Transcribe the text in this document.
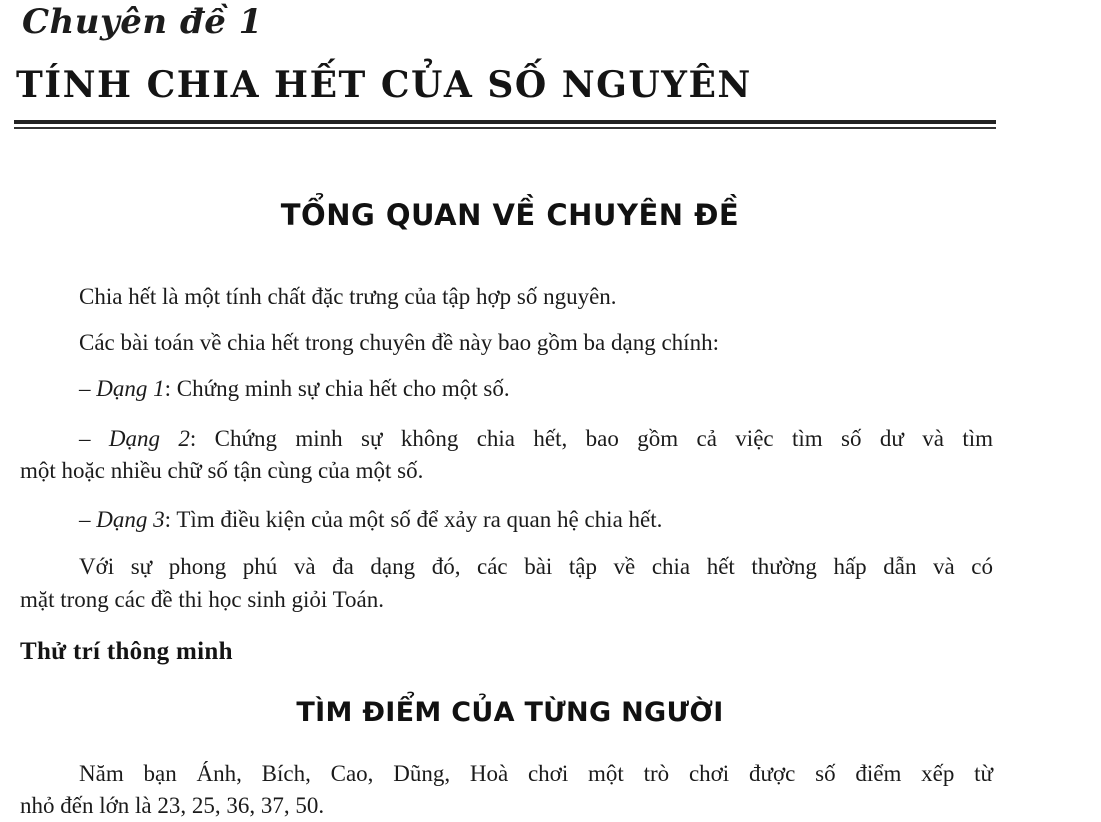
Chuyên đề 1
TÍNH CHIA HẾT CỦA SỐ NGUYÊN
TỔNG QUAN VỀ CHUYÊN ĐỀ
Chia hết là một tính chất đặc trưng của tập hợp số nguyên.
Các bài toán về chia hết trong chuyên đề này bao gồm ba dạng chính:
– Dạng 1: Chứng minh sự chia hết cho một số.
– Dạng 2: Chứng minh sự không chia hết, bao gồm cả việc tìm số dư và tìm
một hoặc nhiều chữ số tận cùng của một số.
– Dạng 3: Tìm điều kiện của một số để xảy ra quan hệ chia hết.
Với sự phong phú và đa dạng đó, các bài tập về chia hết thường hấp dẫn và có
mặt trong các đề thi học sinh giỏi Toán.
Thử trí thông minh
TÌM ĐIỂM CỦA TỪNG NGƯỜI
Năm bạn Ánh, Bích, Cao, Dũng, Hoà chơi một trò chơi được số điểm xếp từ
nhỏ đến lớn là 23, 25, 36, 37, 50.
